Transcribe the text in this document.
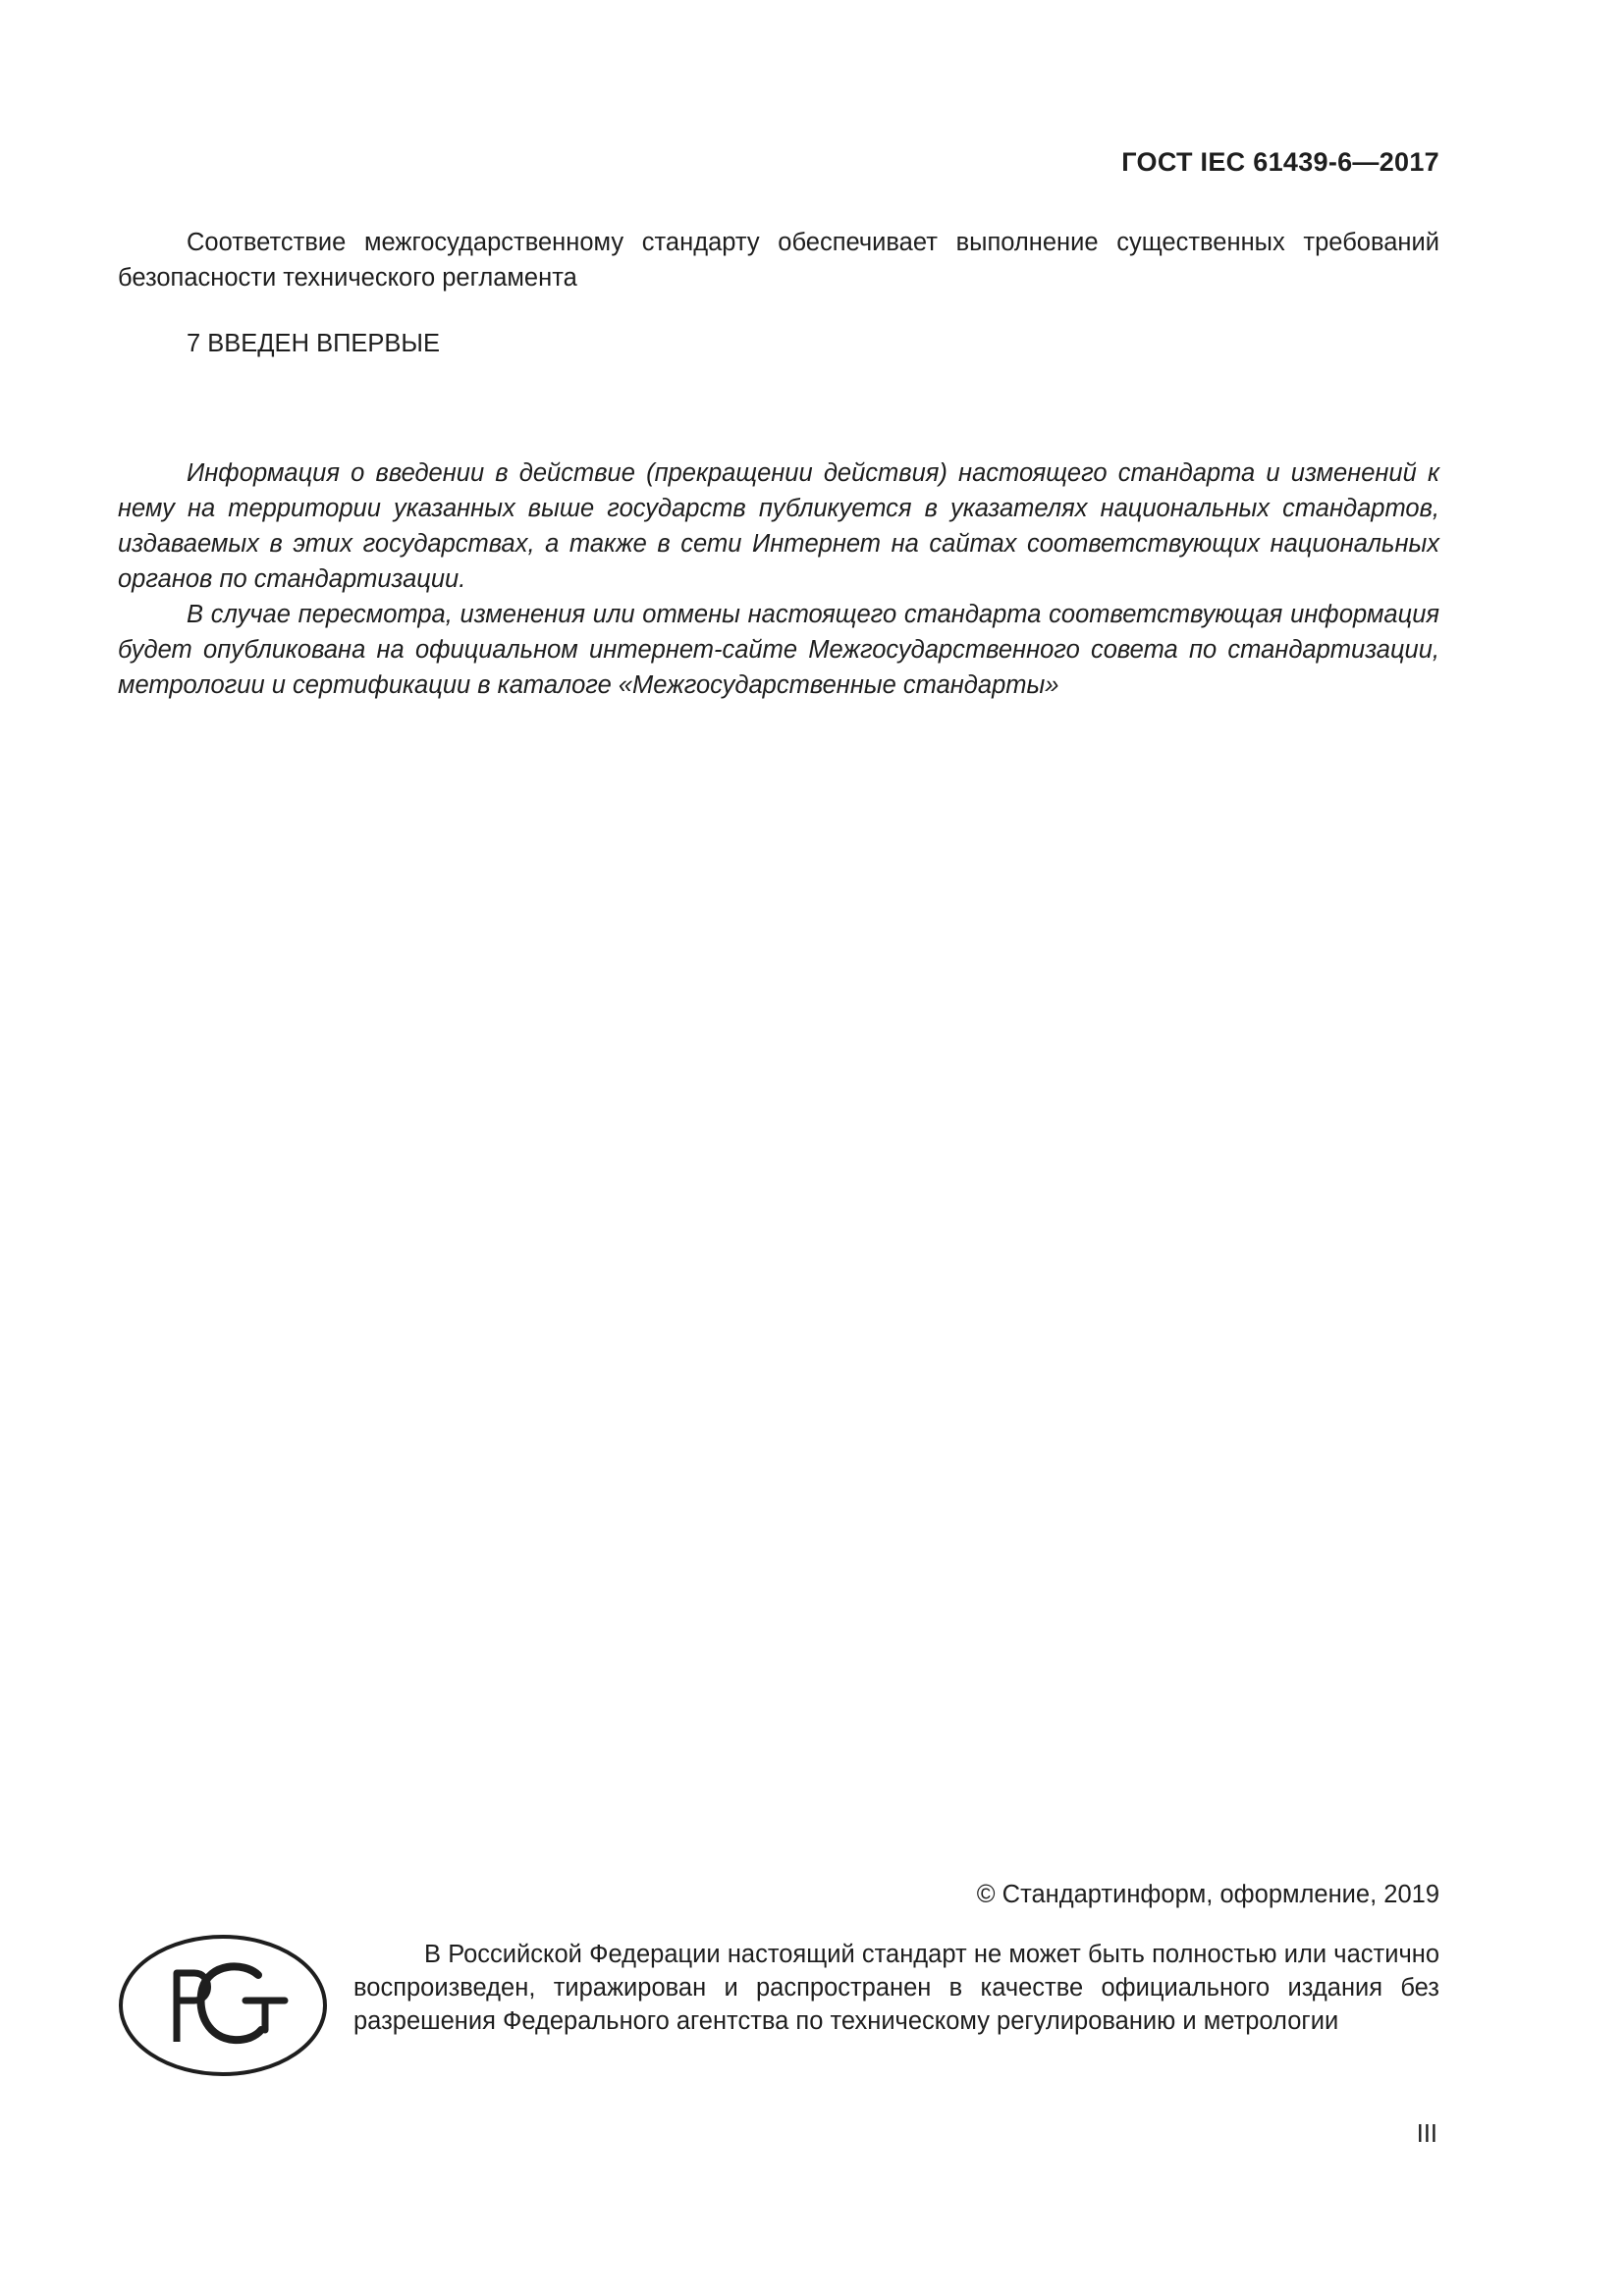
ГОСТ IEC 61439-6—2017

Соответствие межгосударственному стандарту обеспечивает выполнение существенных требований безопасности технического регламента

7 ВВЕДЕН ВПЕРВЫЕ

Информация о введении в действие (прекращении действия) настоящего стандарта и изменений к нему на территории указанных выше государств публикуется в указателях национальных стандартов, издаваемых в этих государствах, а также в сети Интернет на сайтах соответствующих национальных органов по стандартизации.

В случае пересмотра, изменения или отмены настоящего стандарта соответствующая информация будет опубликована на официальном интернет-сайте Межгосударственного совета по стандартизации, метрологии и сертификации в каталоге «Межгосударственные стандарты»

© Стандартинформ, оформление, 2019

В Российской Федерации настоящий стандарт не может быть полностью или частично воспроизведен, тиражирован и распространен в качестве официального издания без разрешения Федерального агентства по техническому регулированию и метрологии

III
